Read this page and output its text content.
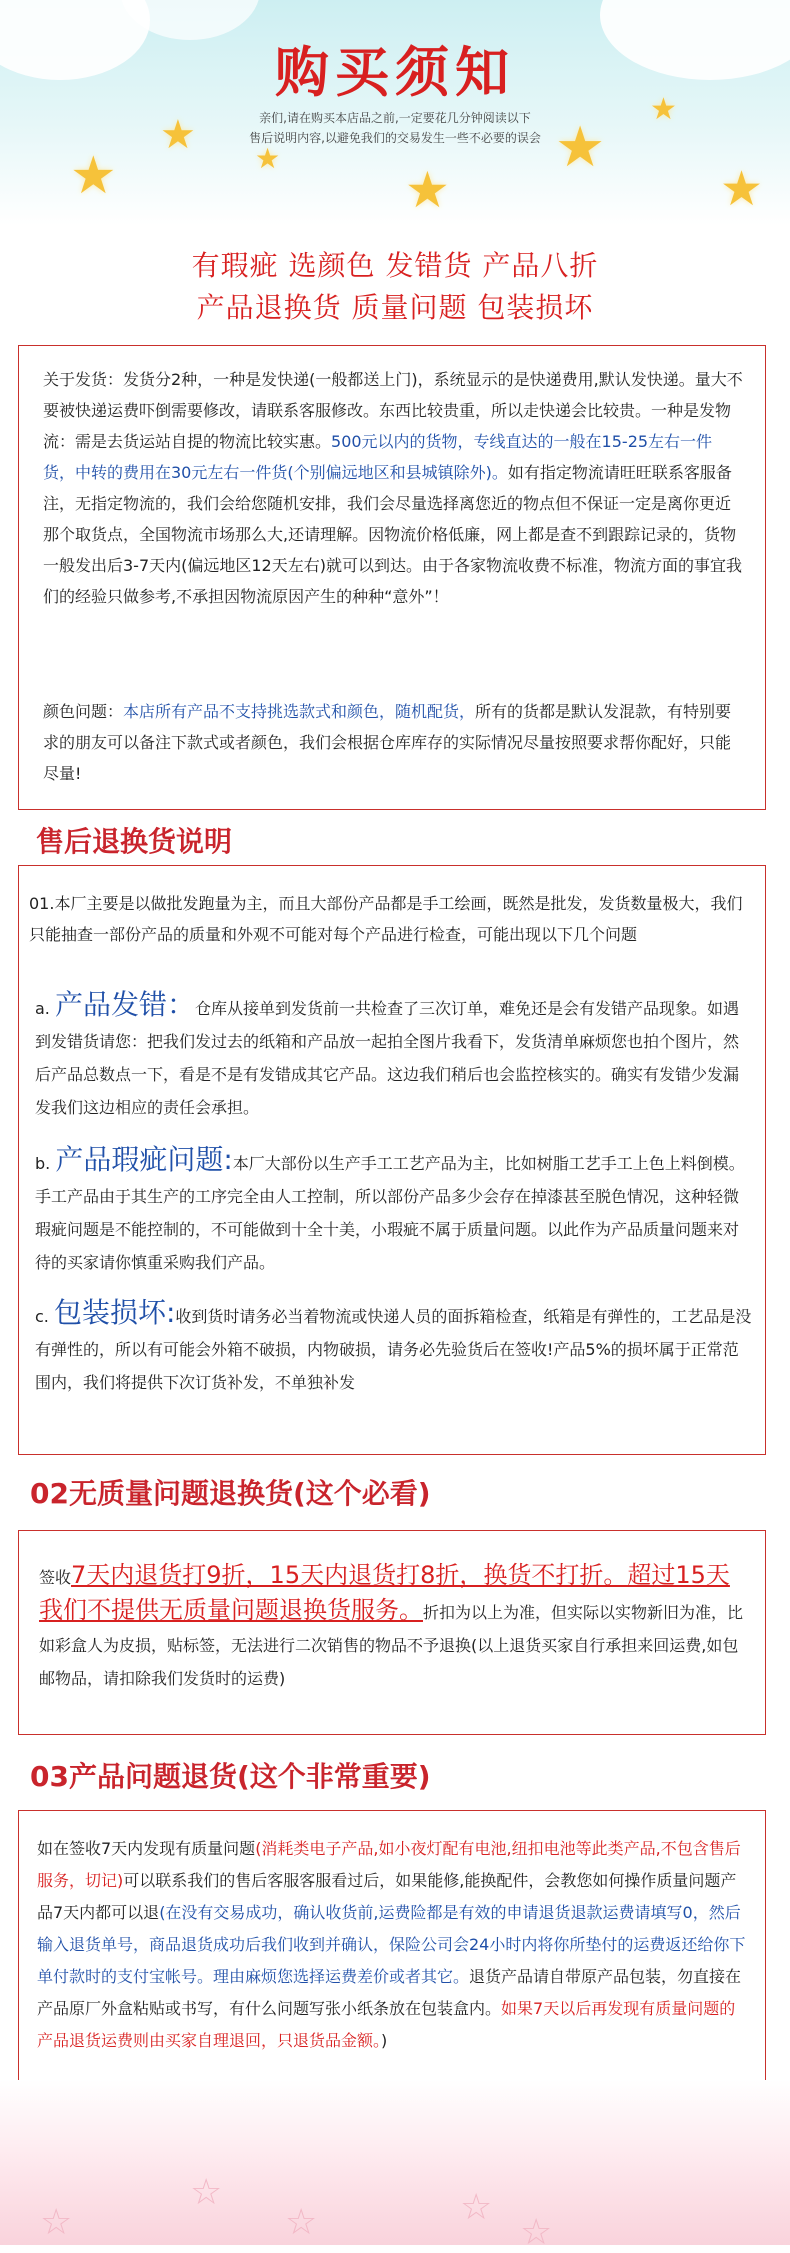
★
★
★
★
★
★
★
购买须知
亲们,请在购买本店品之前,一定要花几分钟阅读以下
售后说明内容,以避免我们的交易发生一些不必要的误会
有瑕疵 选颜色 发错货 产品八折
产品退换货 质量问题 包装损坏
关于发货：发货分2种，一种是发快递(一般都送上门)，系统显示的是快递费用,默认发快递。量大不要被快递运费吓倒需要修改，请联系客服修改。东西比较贵重，所以走快递会比较贵。一种是发物流：需是去货运站自提的物流比较实惠。500元以内的货物，专线直达的一般在15-25左右一件货，中转的费用在30元左右一件货(个别偏远地区和县城镇除外)。如有指定物流请旺旺联系客服备注，无指定物流的，我们会给您随机安排，我们会尽量选择离您近的物点但不保证一定是离你更近那个取货点，全国物流市场那么大,还请理解。因物流价格低廉，网上都是查不到跟踪记录的，货物一般发出后3-7天内(偏远地区12天左右)就可以到达。由于各家物流收费不标准，物流方面的事宜我们的经验只做参考,不承担因物流原因产生的种种“意外”！
颜色问题：本店所有产品不支持挑选款式和颜色，随机配货，所有的货都是默认发混款，有特别要求的朋友可以备注下款式或者颜色，我们会根据仓库库存的实际情况尽量按照要求帮你配好，只能尽量!
售后退换货说明
01.本厂主要是以做批发跑量为主，而且大部份产品都是手工绘画，既然是批发，发货数量极大，我们只能抽查一部份产品的质量和外观不可能对每个产品进行检查，可能出现以下几个问题
a. 产品发错：仓库从接单到发货前一共检查了三次订单，难免还是会有发错产品现象。如遇到发错货请您：把我们发过去的纸箱和产品放一起拍全图片我看下，发货清单麻烦您也拍个图片，然后产品总数点一下，看是不是有发错成其它产品。这边我们稍后也会监控核实的。确实有发错少发漏发我们这边相应的责任会承担。
b. 产品瑕疵问题:本厂大部份以生产手工工艺产品为主，比如树脂工艺手工上色上料倒模。手工产品由于其生产的工序完全由人工控制，所以部份产品多少会存在掉漆甚至脱色情况，这种轻微瑕疵问题是不能控制的，不可能做到十全十美，小瑕疵不属于质量问题。以此作为产品质量问题来对待的买家请你慎重采购我们产品。
c. 包装损坏:收到货时请务必当着物流或快递人员的面拆箱检查，纸箱是有弹性的，工艺品是没有弹性的，所以有可能会外箱不破损，内物破损，请务必先验货后在签收!产品5%的损坏属于正常范围内，我们将提供下次订货补发，不单独补发
02无质量问题退换货(这个必看)
签收7天内退货打9折，15天内退货打8折，换货不打折。超过15天我们不提供无质量问题退换货服务。折扣为以上为准，但实际以实物新旧为准，比如彩盒人为皮损，贴标签，无法进行二次销售的物品不予退换(以上退货买家自行承担来回运费,如包邮物品，请扣除我们发货时的运费)
03产品问题退货(这个非常重要)
如在签收7天内发现有质量问题(消耗类电子产品,如小夜灯配有电池,纽扣电池等此类产品,不包含售后服务，切记)可以联系我们的售后客服客服看过后，如果能修,能换配件，会教您如何操作质量问题产品7天内都可以退(在没有交易成功，确认收货前,运费险都是有效的申请退货退款运费请填写0，然后输入退货单号，商品退货成功后我们收到并确认，保险公司会24小时内将你所垫付的运费返还给你下单付款时的支付宝帐号。理由麻烦您选择运费差价或者其它。退货产品请自带原产品包装，勿直接在产品原厂外盒粘贴或书写，有什么问题写张小纸条放在包装盒内。如果7天以后再发现有质量问题的产品退货运费则由买家自理退回，只退货品金额。)
☆
☆	☆
☆
☆
